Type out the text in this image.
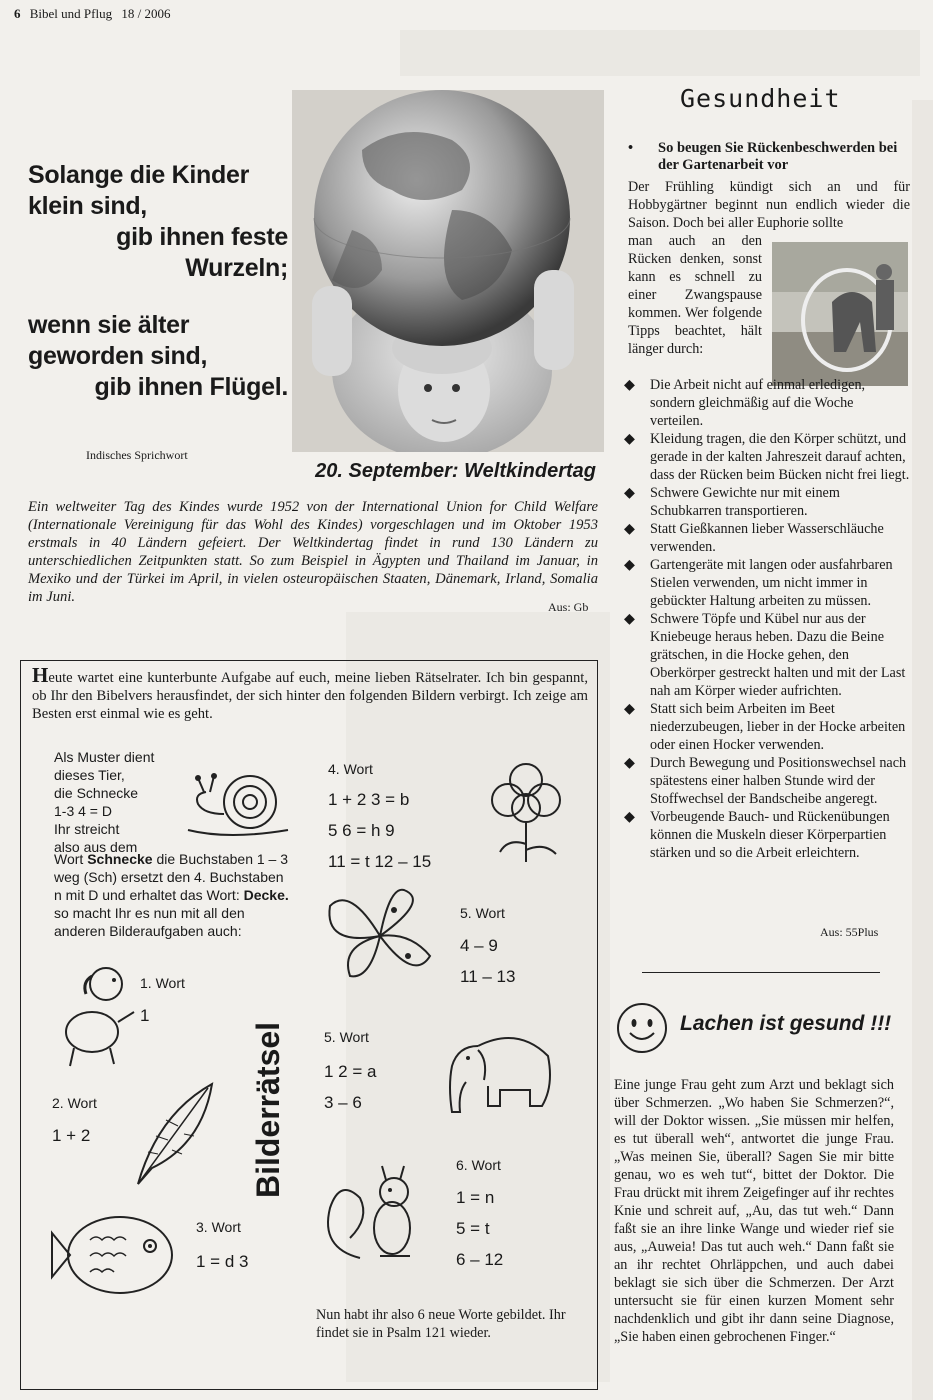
6 Bibel und Pflug 18 / 2006
Solange die Kinder
klein sind,
gib ihnen feste
Wurzeln;
wenn sie älter
geworden sind,
gib ihnen Flügel.
Indisches Sprichwort
20. September: Weltkindertag
Ein weltweiter Tag des Kindes wurde 1952 von der International Union for Child Welfare (Internationale Vereinigung für das Wohl des Kindes) vorgeschlagen und im Oktober 1953 erstmals in 40 Ländern gefeiert. Der Weltkindertag findet in rund 130 Ländern zu unterschiedlichen Zeitpunkten statt. So zum Beispiel in Ägypten und Thailand im Januar, in Mexiko und der Türkei im April, in vielen osteuropäischen Staaten, Dänemark, Irland, Somalia im Juni.
Aus: Gb
Gesundheit
•	So beugen Sie Rückenbeschwerden bei der Gartenarbeit vor
Der Frühling kündigt sich an und für Hobbygärtner beginnt nun endlich wieder die Saison. Doch bei aller Euphorie sollte
man auch an den Rücken denken, sonst kann es schnell zu einer Zwangspause kommen. Wer folgende Tipps beachtet, hält länger durch:
◆ Die Arbeit nicht auf einmal erledigen, sondern gleichmäßig auf die Woche verteilen.
◆ Kleidung tragen, die den Körper schützt, und gerade in der kalten Jahreszeit darauf achten, dass der Rücken beim Bücken nicht frei liegt.
◆ Schwere Gewichte nur mit einem Schubkarren transportieren.
◆ Statt Gießkannen lieber Wasserschläuche verwenden.
◆ Gartengeräte mit langen oder ausfahrbaren Stielen verwenden, um nicht immer in gebückter Haltung arbeiten zu müssen.
◆ Schwere Töpfe und Kübel nur aus der Kniebeuge heraus heben. Dazu die Beine grätschen, in die Hocke gehen, den Oberkörper gestreckt halten und mit der Last nah am Körper wieder aufrichten.
◆ Statt sich beim Arbeiten im Beet niederzubeugen, lieber in der Hocke arbeiten oder einen Hocker verwenden.
◆ Durch Bewegung und Positionswechsel nach spätestens einer halben Stunde wird der Stoffwechsel der Bandscheibe angeregt.
◆ Vorbeugende Bauch- und Rückenübungen können die Muskeln dieser Körperpartien stärken und so die Arbeit erleichtern.
Aus: 55Plus
Lachen ist gesund !!!
Eine junge Frau geht zum Arzt und beklagt sich über Schmerzen. „Wo haben Sie Schmerzen?“, will der Doktor wissen. „Sie müssen mir helfen, es tut überall weh“, antwortet die junge Frau. „Was meinen Sie, überall? Sagen Sie mir bitte genau, wo es weh tut“, bittet der Doktor. Die Frau drückt mit ihrem Zeigefinger auf ihr rechtes Knie und schreit auf, „Au, das tut weh.“ Dann faßt sie an ihre linke Wange und wieder rief sie aus, „Auweia! Das tut auch weh.“ Dann faßt sie an ihr rechtet Ohrläppchen, und auch dabei beklagt sie sich über die Schmerzen. Der Arzt untersucht sie für einen kurzen Moment sehr nachdenklich und gibt ihr dann seine Diagnose, „Sie haben einen gebrochenen Finger.“
Heute wartet eine kunterbunte Aufgabe auf euch, meine lieben Rätselrater. Ich bin gespannt, ob Ihr den Bibelvers herausfindet, der sich hinter den folgenden Bildern verbirgt. Ich zeige am Besten erst einmal wie es geht.
Als Muster dient dieses Tier,
die Schnecke
1-3 4 = D
Ihr streicht
also aus dem
Wort Schnecke die Buchstaben 1 – 3 weg (Sch) ersetzt den 4. Buchstaben n mit D und erhaltet das Wort: Decke. so macht Ihr es nun mit all den anderen Bilderaufgaben auch:
Bilderrätsel
1. Wort
1
2. Wort
1 + 2
3. Wort
1 = d 3
4. Wort
1 + 2 3 = b
5 6 = h 9
11 = t 12 – 15
5. Wort
4 – 9
11 – 13
5. Wort
1 2 = a
3 – 6
6. Wort
1 = n
5 = t
6 – 12
Nun habt ihr also 6 neue Worte gebildet. Ihr findet sie in Psalm 121 wieder.
